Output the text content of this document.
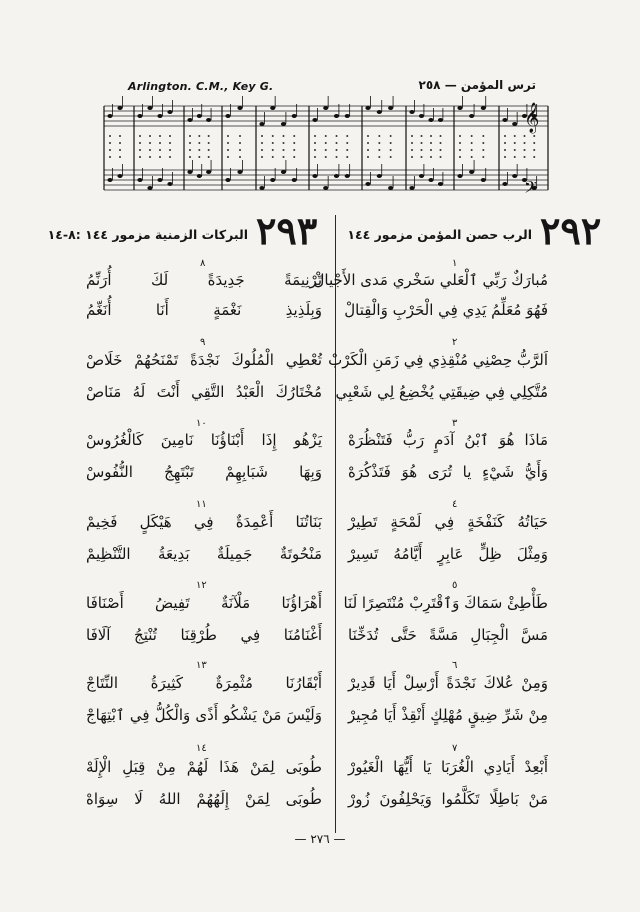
Arlington. C.M., Key G.	ترس المؤمن — ٢٥٨
𝄞
𝄢
٢٩٢
الرب حصن المؤمن مزمور ١٤٤
٢٩٣
البركات الزمنية مزمور ١٤٤ :٨-١٤
مُبارَكٌ رَبِّي ٱلْعَلي سَخْري مَدى الأَجْيالْ
فَهُوَ مُعَلِّمُ يَدِي فِي الْحَرْبِ وَالْقِتالْ
اَلرَّبُّ حِصْنِي مُنْقِذِي فِي زَمَنِ الْكَرْبْ
مُتَّكِلِي فِي ضِيقَتِي يُخْضِعُ لِي شَعْبِي
مَاذَا هُوَ ٱبْنُ آدَمٍ رَبُّ فَتَنْظُرَهْ
وَأَيُّ شَيْءٍ يا تُرَى هُوَ فَتَذْكُرَهْ
حَيَاتُهُ كَنَفْخَةٍ فِي لَمْحَةٍ تَطِيرْ
وَمِثْلَ ظِلٍّ عَابِرٍ أَيَّامُهُ تَسِيرْ
طَأْطِئْ سَمَاكَ وَٱقْتَرِبْ مُنْتَصِرًا لَنَا
مَسَّ الْجِبَالِ مَسَّةً حَتَّى تُدَخِّنَا
وَمِنْ عُلاكَ نَجْدَةً أَرْسِلْ أَيَا قَدِيرْ
مِنْ شَرِّ ضِيقٍ مُهْلِكٍ أَنْقِذْ أَيَا مُجِيرْ
أَبْعِدْ أَيَادِي الْغُرَبَا يَا أَيُّهَا الْغَيُورْ
مَنْ بَاطِلًا تَكَلَّمُوا وَيَحْلِفُونَ زُورْ
تَرْنِيمَةً جَدِيدَةً لَكَ أُرَنِّمُ
وَبِلَذِيذِ نَغْمَةٍ أَنَا أُنَغِّمُ
تُعْطِي الْمُلُوكَ نَجْدَةً تَمْنَحُهُمْ خَلَاصْ
مُخْتَارُكَ الْعَبْدُ التَّقِي أَنْتَ لَهُ مَنَاصْ
يَزْهُو إِذَا أَبْنَاؤُنَا نَامِينَ كَالْغُرُوسْ
وَبِهَا شَبَابِهِمْ تَبْتَهِجُ النُّفُوسْ
بَنَاتُنَا أَعْمِدَةٌ فِي هَيْكَلٍ فَخِيمْ
مَنْحُوتَةٌ جَمِيلَةٌ بَدِيعَةُ التَّنْظِيمْ
أَهْرَاؤُنَا مَلْآنَةٌ تَفِيضُ أَصْنَافَا
أَغْنَامُنَا فِي طُرْقِنَا تُنْتِجُ آلَافَا
أَبْقَارُنَا مُثْمِرَةٌ كَثِيرَةُ النِّتَاجْ
وَلَيْسَ مَنْ يَشْكُو أَذًى وَالْكُلُّ فِي ٱبْتِهَاجْ
طُوبَى لِمَنْ هَذَا لَهُمْ مِنْ قِبَلِ الْإِلَهْ
طُوبَى لِمَنْ إِلَهُهُمْ اللهُ لَا سِوَاهْ
١
٢
٣
٤
٥
٦
٧
٨
٩
١٠
١١
١٢
١٣
١٤
— ٢٧٦ —
